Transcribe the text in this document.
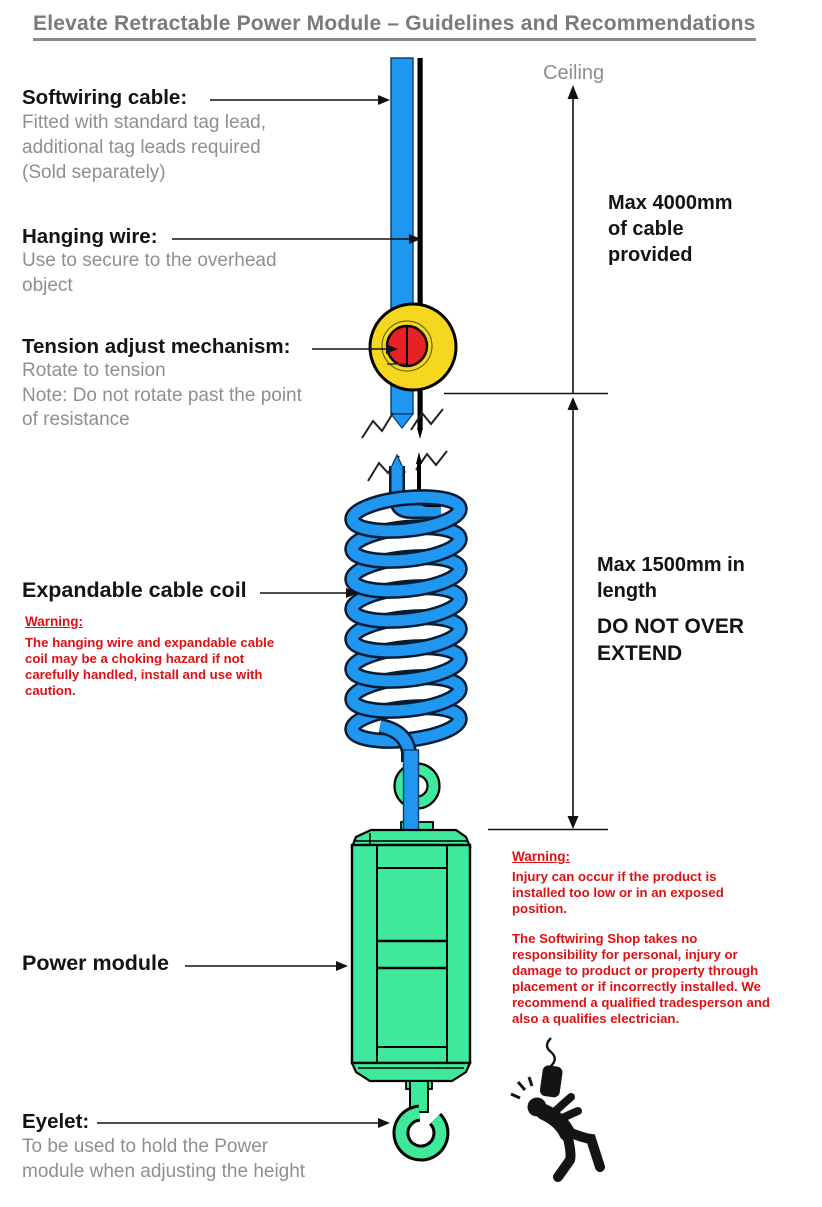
Elevate Retractable Power Module – Guidelines and Recommendations
Softwiring cable:
Fitted with standard tag lead,
additional tag leads required
(Sold separately)
Hanging wire:
Use to secure to the overhead
object
Tension adjust mechanism:
Rotate to tension
Note: Do not rotate past the point
of resistance
Expandable cable coil
Warning:
The hanging wire and expandable cable
coil may be a choking hazard if not
carefully handled, install and use with
caution.
Power module
Eyelet:
To be used to hold the Power
module when adjusting the height
Ceiling
Max 4000mm
of cable
provided
Max 1500mm in
length
DO NOT OVER
EXTEND
Warning:
Injury can occur if the product is
installed too low or in an exposed
position.
The Softwiring Shop takes no
responsibility for personal, injury or
damage to product or property through
placement or if incorrectly installed. We
recommend a qualified tradesperson and
also a qualifies electrician.
